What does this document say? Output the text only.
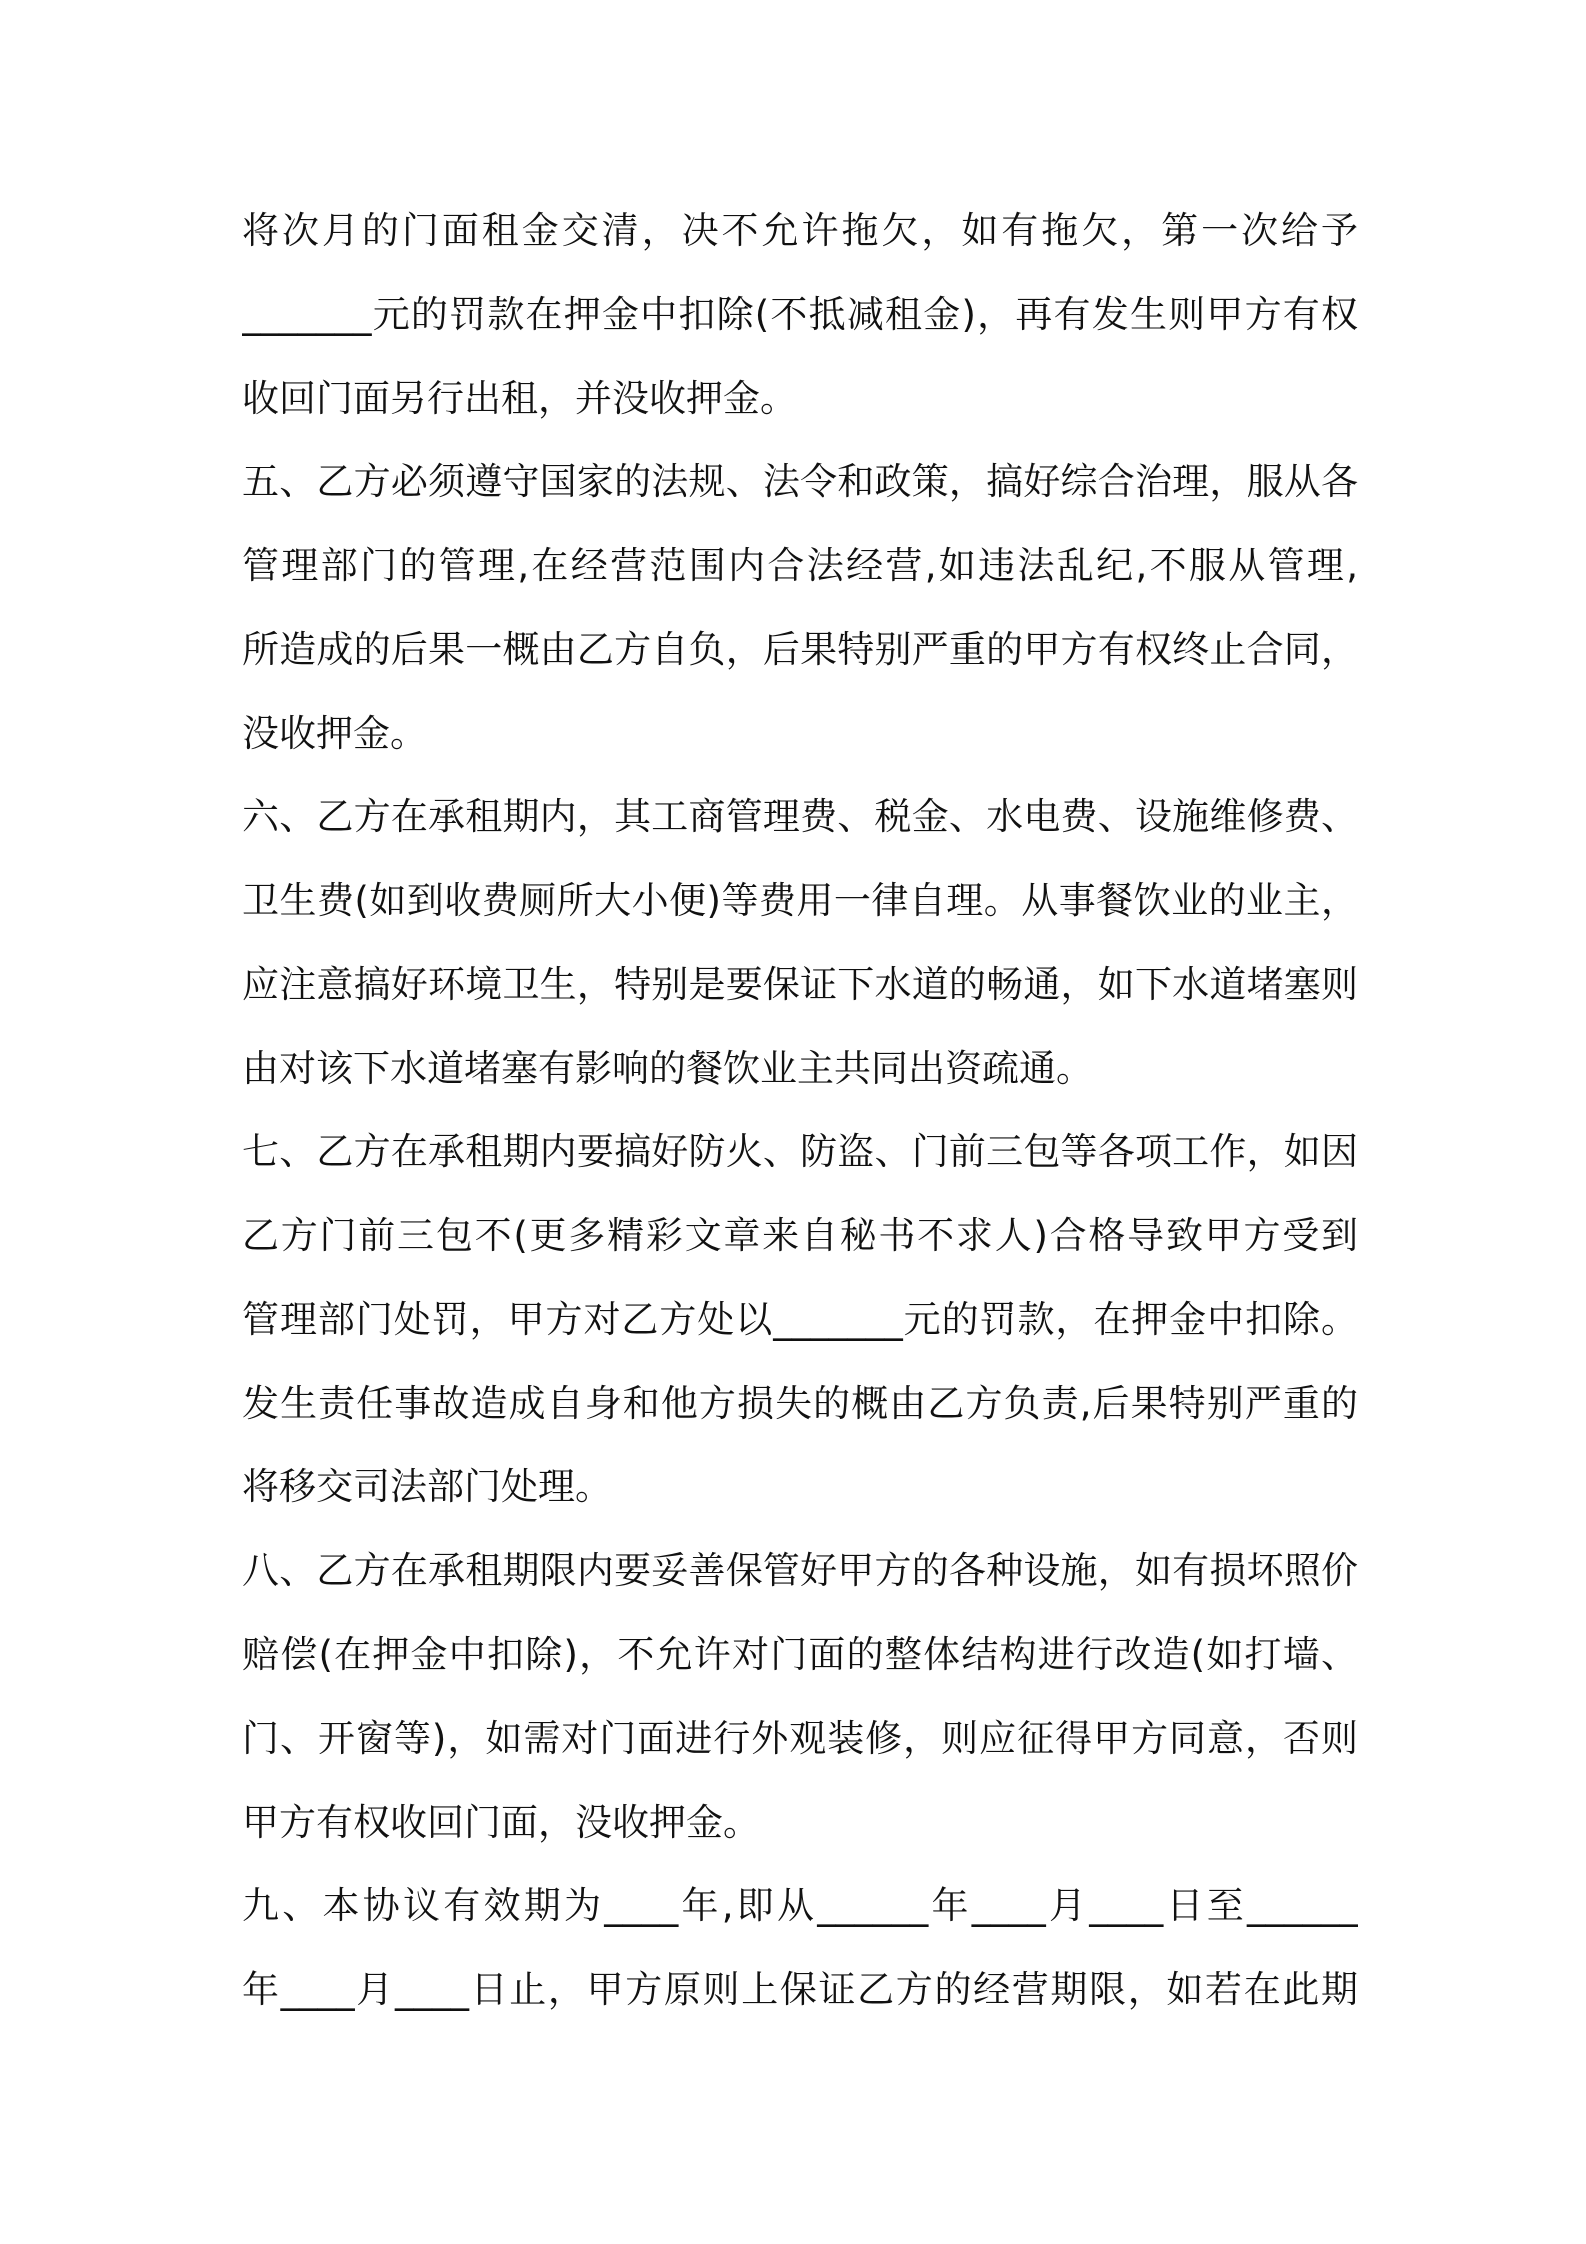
将次月的门面租金交清，决不允许拖欠，如有拖欠，第一次给予
_______元的罚款在押金中扣除(不抵减租金)，再有发生则甲方有权
收回门面另行出租，并没收押金。
五、乙方必须遵守国家的法规、法令和政策，搞好综合治理，服从各
管理部门的管理,在经营范围内合法经营,如违法乱纪,不服从管理,
所造成的后果一概由乙方自负，后果特别严重的甲方有权终止合同，
没收押金。
六、乙方在承租期内，其工商管理费、税金、水电费、设施维修费、
卫生费(如到收费厕所大小便)等费用一律自理。从事餐饮业的业主，
应注意搞好环境卫生，特别是要保证下水道的畅通，如下水道堵塞则
由对该下水道堵塞有影响的餐饮业主共同出资疏通。
七、乙方在承租期内要搞好防火、防盗、门前三包等各项工作，如因
乙方门前三包不(更多精彩文章来自秘书不求人)合格导致甲方受到
管理部门处罚，甲方对乙方处以_______元的罚款，在押金中扣除。
发生责任事故造成自身和他方损失的概由乙方负责,后果特别严重的
将移交司法部门处理。
八、乙方在承租期限内要妥善保管好甲方的各种设施，如有损坏照价
赔偿(在押金中扣除)，不允许对门面的整体结构进行改造(如打墙、
门、开窗等)，如需对门面进行外观装修，则应征得甲方同意，否则
甲方有权收回门面，没收押金。
九、本协议有效期为____年,即从______年____月____日至______
年____月____日止，甲方原则上保证乙方的经营期限，如若在此期
